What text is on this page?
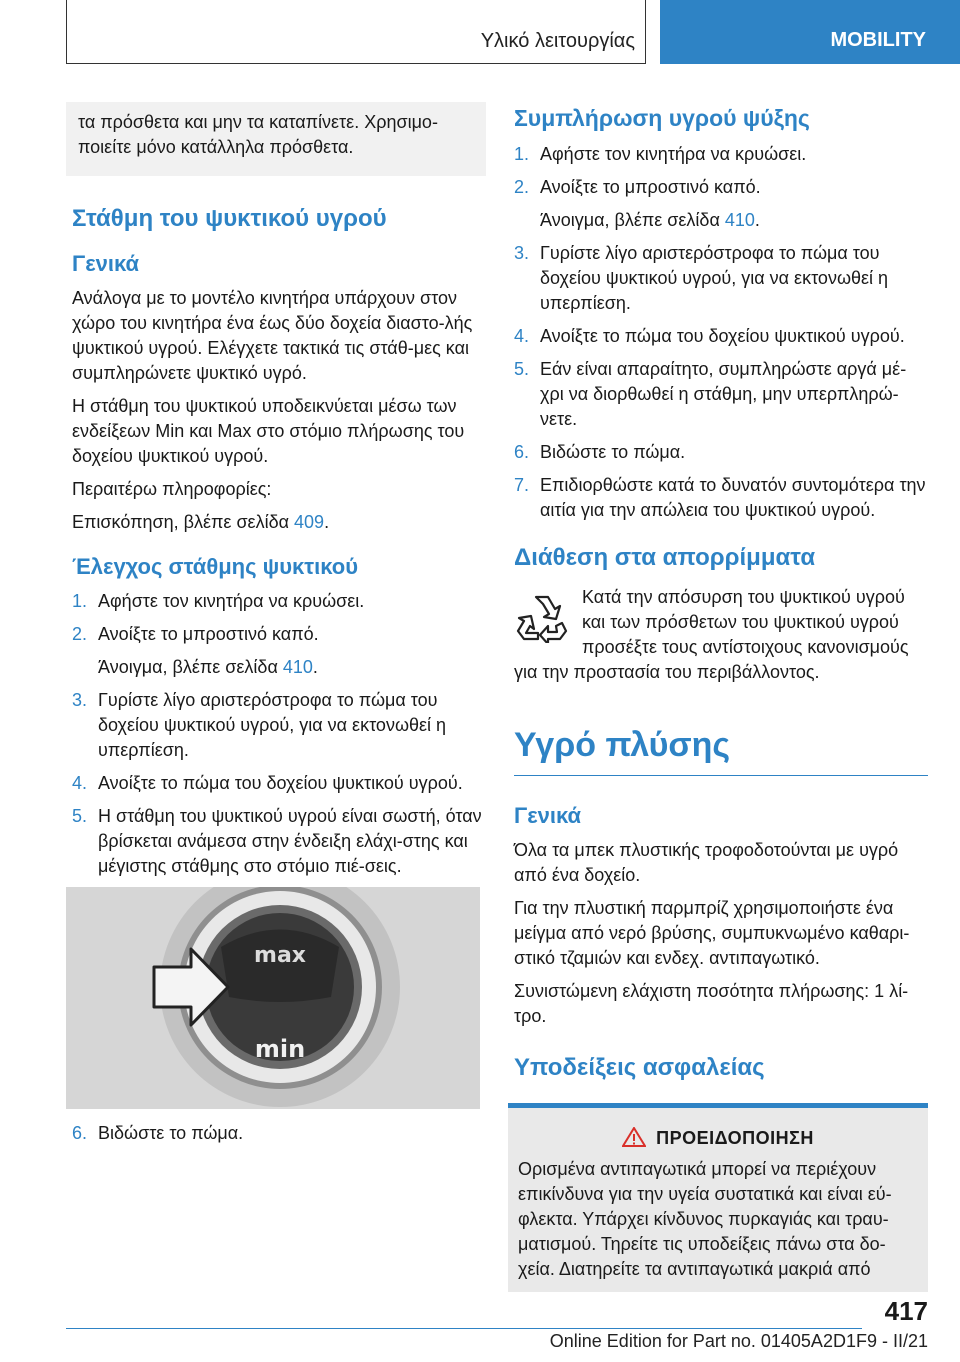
Υλικό λειτουργίας	MOBILITY
τα πρόσθετα και μην τα καταπίνετε. Χρησιμο-ποιείτε μόνο κατάλληλα πρόσθετα.
Στάθμη του ψυκτικού υγρού
Γενικά

Ανάλογα με το μοντέλο κινητήρα υπάρχουν στον χώρο του κινητήρα ένα έως δύο δοχεία διαστο-λής ψυκτικού υγρού. Ελέγχετε τακτικά τις στάθ-μες και συμπληρώνετε ψυκτικό υγρό.

Η στάθμη του ψυκτικού υποδεικνύεται μέσω των ενδείξεων Min και Max στο στόμιο πλήρωσης του δοχείου ψυκτικού υγρού.

Περαιτέρω πληροφορίες:

Επισκόπηση, βλέπε σελίδα 409.

Έλεγχος στάθμης ψυκτικού
1. Αφήστε τον κινητήρα να κρυώσει.
2. Ανοίξτε το μπροστινό καπό.

Άνοιγμα, βλέπε σελίδα 410.

3. Γυρίστε λίγο αριστερόστροφα το πώμα του δοχείου ψυκτικού υγρού, για να εκτονωθεί η υπερπίεση.
4. Ανοίξτε το πώμα του δοχείου ψυκτικού υγρού.
5. Η στάθμη του ψυκτικού υγρού είναι σωστή, όταν βρίσκεται ανάμεσα στην ένδειξη ελάχι-στης και μέγιστης στάθμης στο στόμιο πιέ-σεις.
max
min
6. Βιδώστε το πώμα.
Συμπλήρωση υγρού ψύξης
1. Αφήστε τον κινητήρα να κρυώσει.
2. Ανοίξτε το μπροστινό καπό.

Άνοιγμα, βλέπε σελίδα 410.

3. Γυρίστε λίγο αριστερόστροφα το πώμα του δοχείου ψυκτικού υγρού, για να εκτονωθεί η υπερπίεση.
4. Ανοίξτε το πώμα του δοχείου ψυκτικού υγρού.
5. Εάν είναι απαραίτητο, συμπληρώστε αργά μέ-χρι να διορθωθεί η στάθμη, μην υπερπληρώ-νετε.
6. Βιδώστε το πώμα.
7. Επιδιορθώστε κατά το δυνατόν συντομότερα την αιτία για την απώλεια του ψυκτικού υγρού.
Διάθεση στα απορρίμματα

Κατά την απόσυρση του ψυκτικού υγρού και των πρόσθετων του ψυκτικού υγρού προσέξτε τους αντίστοιχους κανονισμούς για την προστασία του περιβάλλοντος.

Υγρό πλύσης
Γενικά

Όλα τα μπεκ πλυστικής τροφοδοτούνται με υγρό από ένα δοχείο.

Για την πλυστική παρμπρίζ χρησιμοποιήστε ένα μείγμα από νερό βρύσης, συμπυκνωμένο καθαρι-στικό τζαμιών και ενδεχ. αντιπαγωτικό.

Συνιστώμενη ελάχιστη ποσότητα πλήρωσης: 1 λί-τρο.

Υποδείξεις ασφαλείας
ΠΡΟΕΙΔΟΠΟΙΗΣΗ

Ορισμένα αντιπαγωτικά μπορεί να περιέχουν επικίνδυνα για την υγεία συστατικά και είναι εύ-φλεκτα. Υπάρχει κίνδυνος πυρκαγιάς και τραυ-ματισμού. Τηρείτε τις υποδείξεις πάνω στα δο-χεία. Διατηρείτε τα αντιπαγωτικά μακριά από

417
Online Edition for Part no. 01405A2D1F9 - II/21
